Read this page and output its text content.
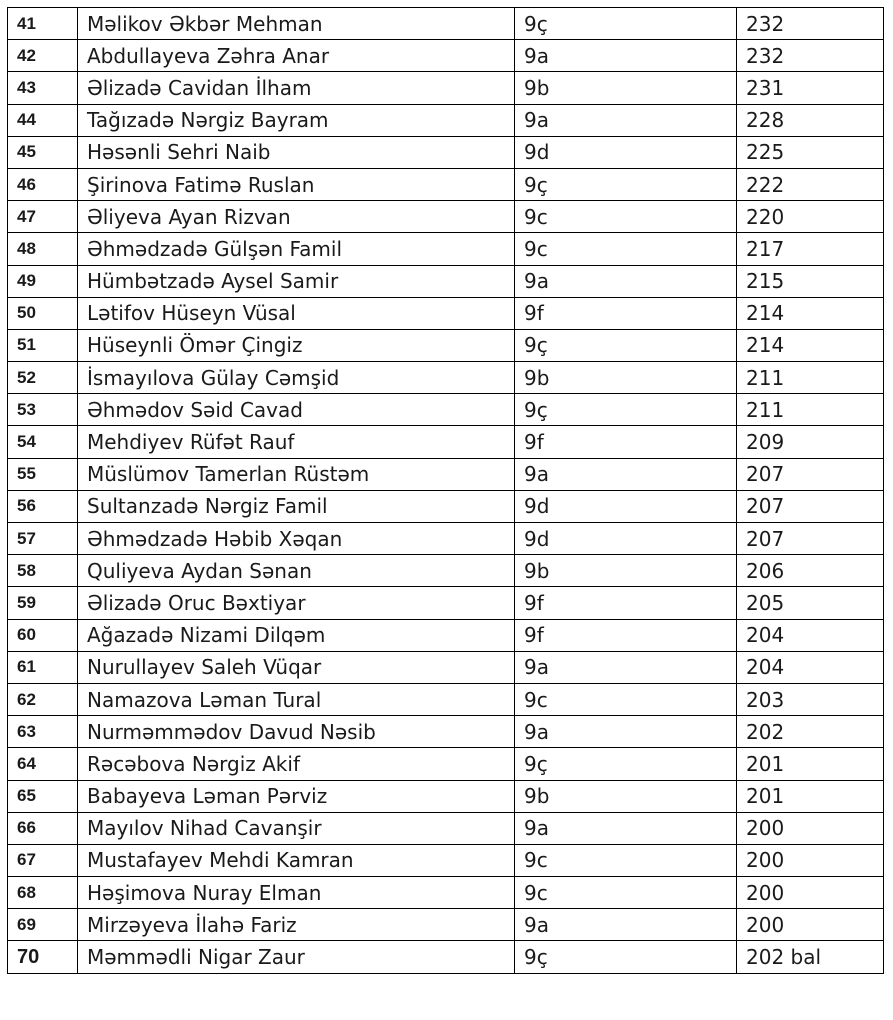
41	Məlikov Əkbər Mehman	9ç	232
42	Abdullayeva Zəhra Anar	9a	232
43	Əlizadə Cavidan İlham	9b	231
44	Tağızadə Nərgiz Bayram	9a	228
45	Həsənli Sehri Naib	9d	225
46	Şirinova Fatimə Ruslan	9ç	222
47	Əliyeva Ayan Rizvan	9c	220
48	Əhmədzadə Gülşən Famil	9c	217
49	Hümbətzadə Aysel Samir	9a	215
50	Lətifov Hüseyn Vüsal	9f	214
51	Hüseynli Ömər Çingiz	9ç	214
52	İsmayılova Gülay Cəmşid	9b	211
53	Əhmədov Səid Cavad	9ç	211
54	Mehdiyev Rüfət Rauf	9f	209
55	Müslümov Tamerlan Rüstəm	9a	207
56	Sultanzadə Nərgiz Famil	9d	207
57	Əhmədzadə Həbib Xəqan	9d	207
58	Quliyeva Aydan Sənan	9b	206
59	Əlizadə Oruc Bəxtiyar	9f	205
60	Ağazadə Nizami Dilqəm	9f	204
61	Nurullayev Saleh Vüqar	9a	204
62	Namazova Ləman Tural	9c	203
63	Nurməmmədov Davud Nəsib	9a	202
64	Rəcəbova Nərgiz Akif	9ç	201
65	Babayeva Ləman Pərviz	9b	201
66	Mayılov Nihad Cavanşir	9a	200
67	Mustafayev Mehdi Kamran	9c	200
68	Həşimova Nuray Elman	9c	200
69	Mirzəyeva İlahə Fariz	9a	200
70	Məmmədli Nigar Zaur	9ç	202 bal
